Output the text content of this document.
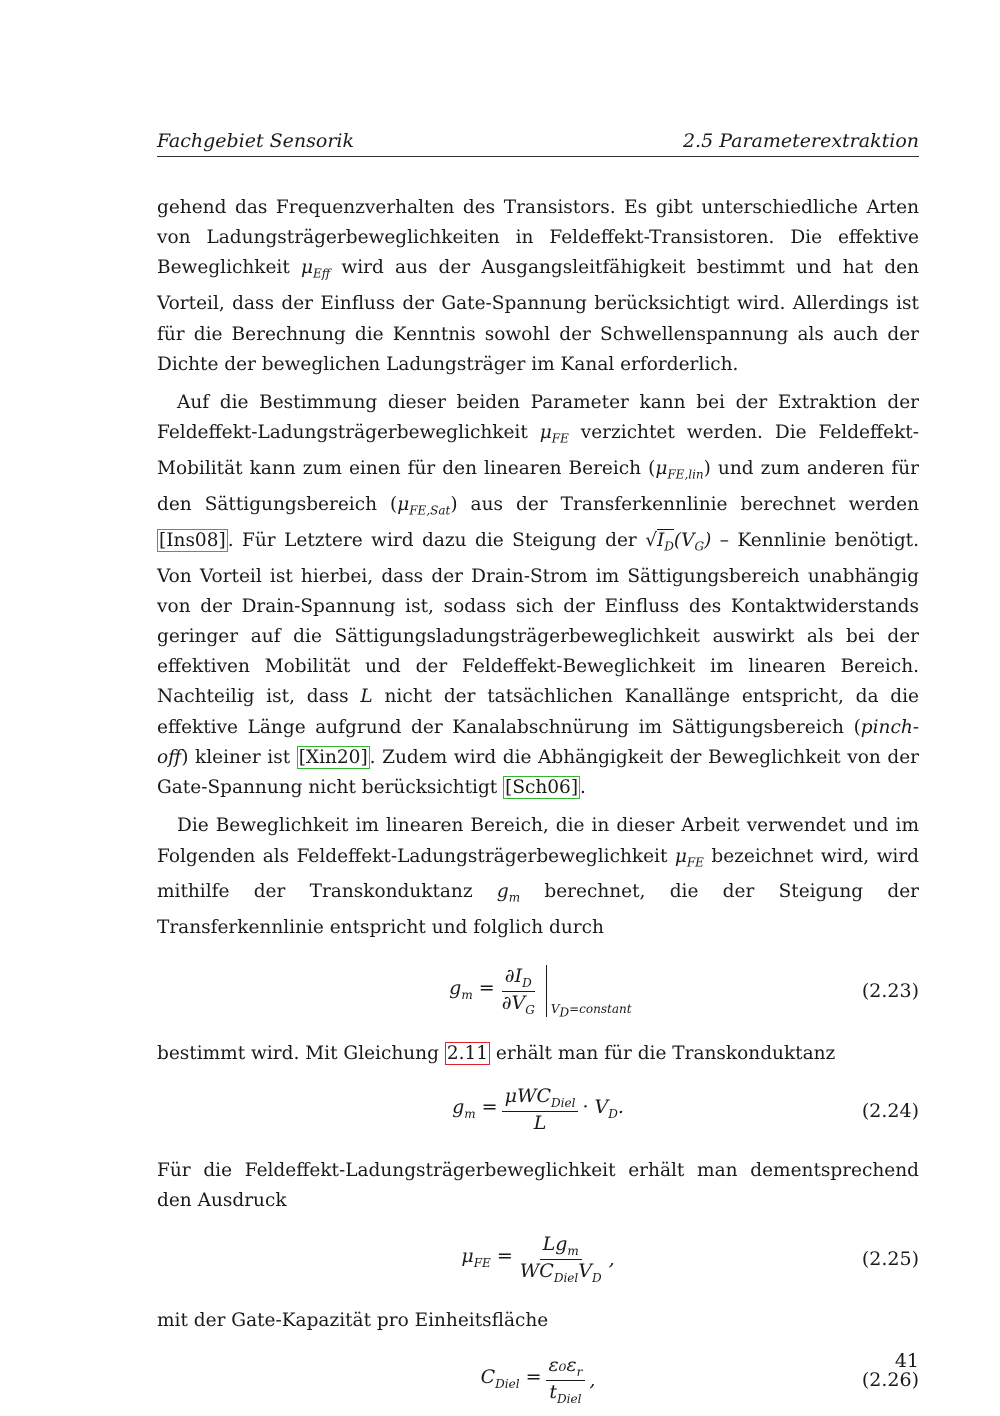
Fachgebiet Sensorik	2.5 Parameterextraktion

gehend das Frequenzverhalten des Transistors. Es gibt unterschiedliche Arten von Ladungsträgerbeweglichkeiten in Feldeffekt-Transistoren. Die effektive Beweglichkeit $\mu_{Eff}$ wird aus der Ausgangsleitfähigkeit bestimmt und hat den Vorteil, dass der Einfluss der Gate-Spannung berücksichtigt wird. Allerdings ist für die Berechnung die Kenntnis sowohl der Schwellenspannung als auch der Dichte der beweglichen Ladungsträger im Kanal erforderlich.

Auf die Bestimmung dieser beiden Parameter kann bei der Extraktion der Feldeffekt-Ladungsträgerbeweglichkeit $\mu_{FE}$ verzichtet werden. Die Feldeffekt-Mobilität kann zum einen für den linearen Bereich $(\mu_{FE,lin})$ und zum anderen für den Sättigungsbereich $(\mu_{FE,Sat})$ aus der Transferkennlinie berechnet werden [Ins08] . Für Letztere wird dazu die Steigung der $√I_D(V_G)$ – Kennlinie benötigt. Von Vorteil ist hierbei, dass der Drain-Strom im Sättigungsbereich unabhängig von der Drain-Spannung ist, sodass sich der Einfluss des Kontaktwiderstands geringer auf die Sättigungsladungsträgerbeweglichkeit auswirkt als bei der effektiven Mobilität und der Feldeffekt-Beweglichkeit im linearen Bereich. Nachteilig ist, dass L nicht der tatsächlichen Kanallänge entspricht, da die effektive Länge aufgrund der Kanalabschnürung im Sättigungsbereich (pinch-off) kleiner ist [Xin20] . Zudem wird die Abhängigkeit der Beweglichkeit von der Gate-Spannung nicht berücksichtigt [Sch06] .

Die Beweglichkeit im linearen Bereich, die in dieser Arbeit verwendet und im Folgenden als Feldeffekt-Ladungsträgerbeweglichkeit $\mu_{FE}$ bezeichnet wird, wird mithilfe der Transkonduktanz $g_m$ berechnet, die der Steigung der Transferkennlinie entspricht und folglich durch

$g_m = \frac{\partial I_D}{\partial V_G}$ $V_D=constant$
(2.23)

bestimmt wird. Mit Gleichung 2.11 erhält man für die Transkonduktanz

$g_m = \frac{\mu WC_{Diel}}{L} \cdot V_D$.	(2.24)

Für die Feldeffekt-Ladungsträgerbeweglichkeit erhält man dementsprechend den Ausdruck

$\mu_{FE} = \frac{Lg_m}{WC_{Diel}V_D}$ ,	(2.25)

mit der Gate-Kapazität pro Einheitsfläche

$C_{Diel} = \frac{\varepsilon_0\varepsilon_r}{t_{Diel}}$ ,	(2.26)
41
